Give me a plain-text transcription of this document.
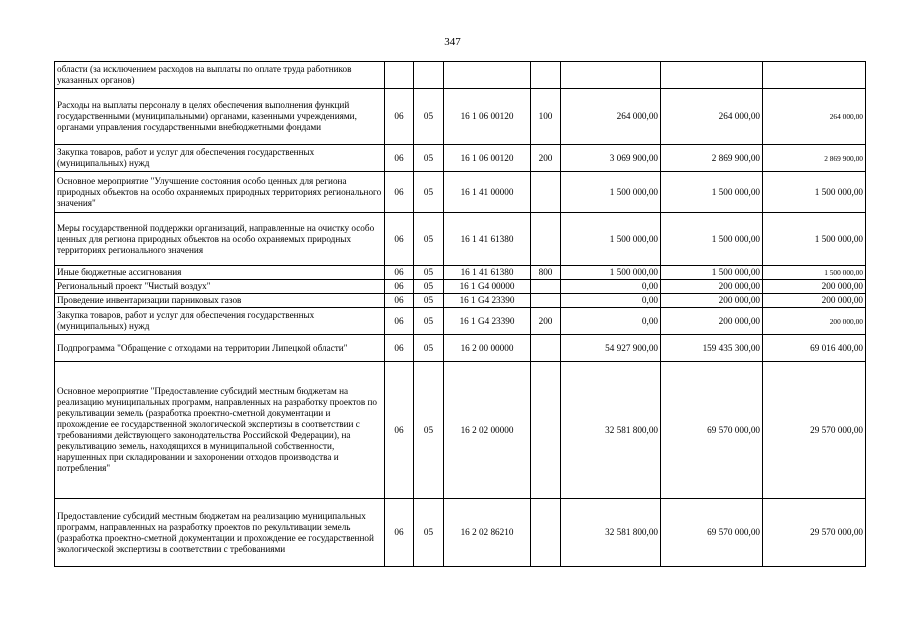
347
области (за исключением расходов на выплаты по оплате труда работников указанных органов)							
Расходы на выплаты персоналу в целях обеспечения выполнения функций государственными (муниципальными) органами, казенными учреждениями, органами управления государственными внебюджетными фондами	06	05	16 1 06 00120	100	264 000,00	264 000,00	264 000,00
Закупка товаров, работ и услуг для обеспечения государственных (муниципальных) нужд	06	05	16 1 06 00120	200	3 069 900,00	2 869 900,00	2 869 900,00
Основное мероприятие "Улучшение состояния особо ценных для региона природных объектов на особо охраняемых природных территориях регионального значения"	06	05	16 1 41 00000		1 500 000,00	1 500 000,00	1 500 000,00
Меры государственной поддержки организаций, направленные на очистку особо ценных для региона природных объектов на особо охраняемых природных территориях регионального значения	06	05	16 1 41 61380		1 500 000,00	1 500 000,00	1 500 000,00
Иные бюджетные ассигнования	06	05	16 1 41 61380	800	1 500 000,00	1 500 000,00	1 500 000,00
Региональный проект "Чистый воздух"	06	05	16 1 G4 00000		0,00	200 000,00	200 000,00
Проведение инвентаризации парниковых газов	06	05	16 1 G4 23390		0,00	200 000,00	200 000,00
Закупка товаров, работ и услуг для обеспечения государственных (муниципальных) нужд	06	05	16 1 G4 23390	200	0,00	200 000,00	200 000,00
Подпрограмма "Обращение с отходами на территории Липецкой области"	06	05	16 2 00 00000		54 927 900,00	159 435 300,00	69 016 400,00
Основное мероприятие "Предоставление субсидий местным бюджетам на реализацию муниципальных программ, направленных на разработку проектов по рекультивации земель (разработка проектно-сметной документации и прохождение ее государственной экологической экспертизы в соответствии с требованиями действующего законодательства Российской Федерации), на рекультивацию земель, находящихся в муниципальной собственности, нарушенных при складировании и захоронении отходов производства и потребления"	06	05	16 2 02 00000		32 581 800,00	69 570 000,00	29 570 000,00
Предоставление субсидий местным бюджетам на реализацию муниципальных программ, направленных на разработку проектов по рекультивации земель (разработка проектно-сметной документации и прохождение ее государственной экологической экспертизы в соответствии с требованиями	06	05	16 2 02 86210		32 581 800,00	69 570 000,00	29 570 000,00
